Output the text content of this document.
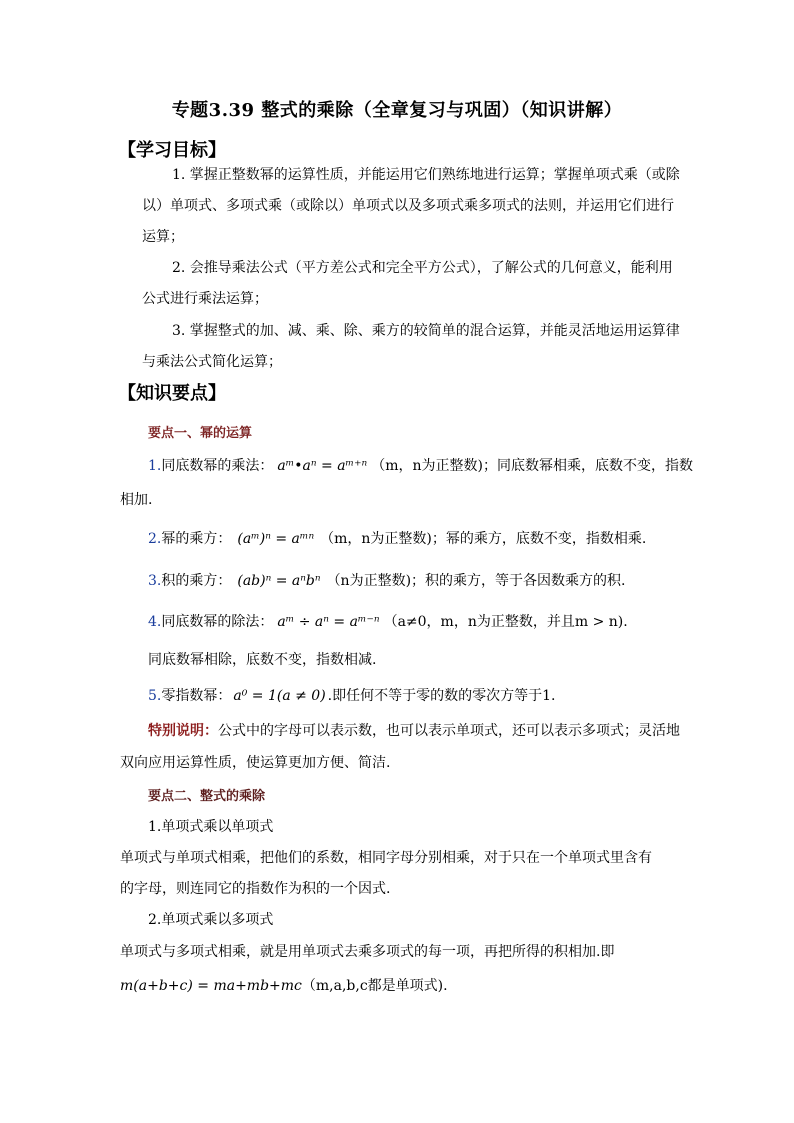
专题3.39 整式的乘除（全章复习与巩固）（知识讲解）
【学习目标】
1. 掌握正整数幂的运算性质，并能运用它们熟练地进行运算；掌握单项式乘（或除
以）单项式、多项式乘（或除以）单项式以及多项式乘多项式的法则，并运用它们进行
运算；
2. 会推导乘法公式（平方差公式和完全平方公式），了解公式的几何意义，能利用
公式进行乘法运算；
3. 掌握整式的加、减、乘、除、乘方的较简单的混合运算，并能灵活地运用运算律
与乘法公式简化运算；
【知识要点】
要点一、幂的运算
1.同底数幂的乘法： aᵐ•aⁿ = aᵐ⁺ⁿ （m，n为正整数)；同底数幂相乘，底数不变，指数
相加.
2.幂的乘方： (aᵐ)ⁿ = aᵐⁿ （m，n为正整数)；幂的乘方，底数不变，指数相乘.
3.积的乘方： (ab)ⁿ = aⁿbⁿ （n为正整数)；积的乘方，等于各因数乘方的积.
4.同底数幂的除法： aᵐ ÷ aⁿ = aᵐ⁻ⁿ （a≠0，m，n为正整数，并且m > n).
同底数幂相除，底数不变，指数相减.
5.零指数幂： a⁰ = 1(a ≠ 0) .即任何不等于零的数的零次方等于1.
特别说明：公式中的字母可以表示数，也可以表示单项式，还可以表示多项式；灵活地
双向应用运算性质，使运算更加方便、简洁.
要点二、整式的乘除
1.单项式乘以单项式
单项式与单项式相乘，把他们的系数，相同字母分别相乘，对于只在一个单项式里含有
的字母，则连同它的指数作为积的一个因式.
2.单项式乘以多项式
单项式与多项式相乘，就是用单项式去乘多项式的每一项，再把所得的积相加.即
m(a+b+c) = ma+mb+mc（m,a,b,c都是单项式).
